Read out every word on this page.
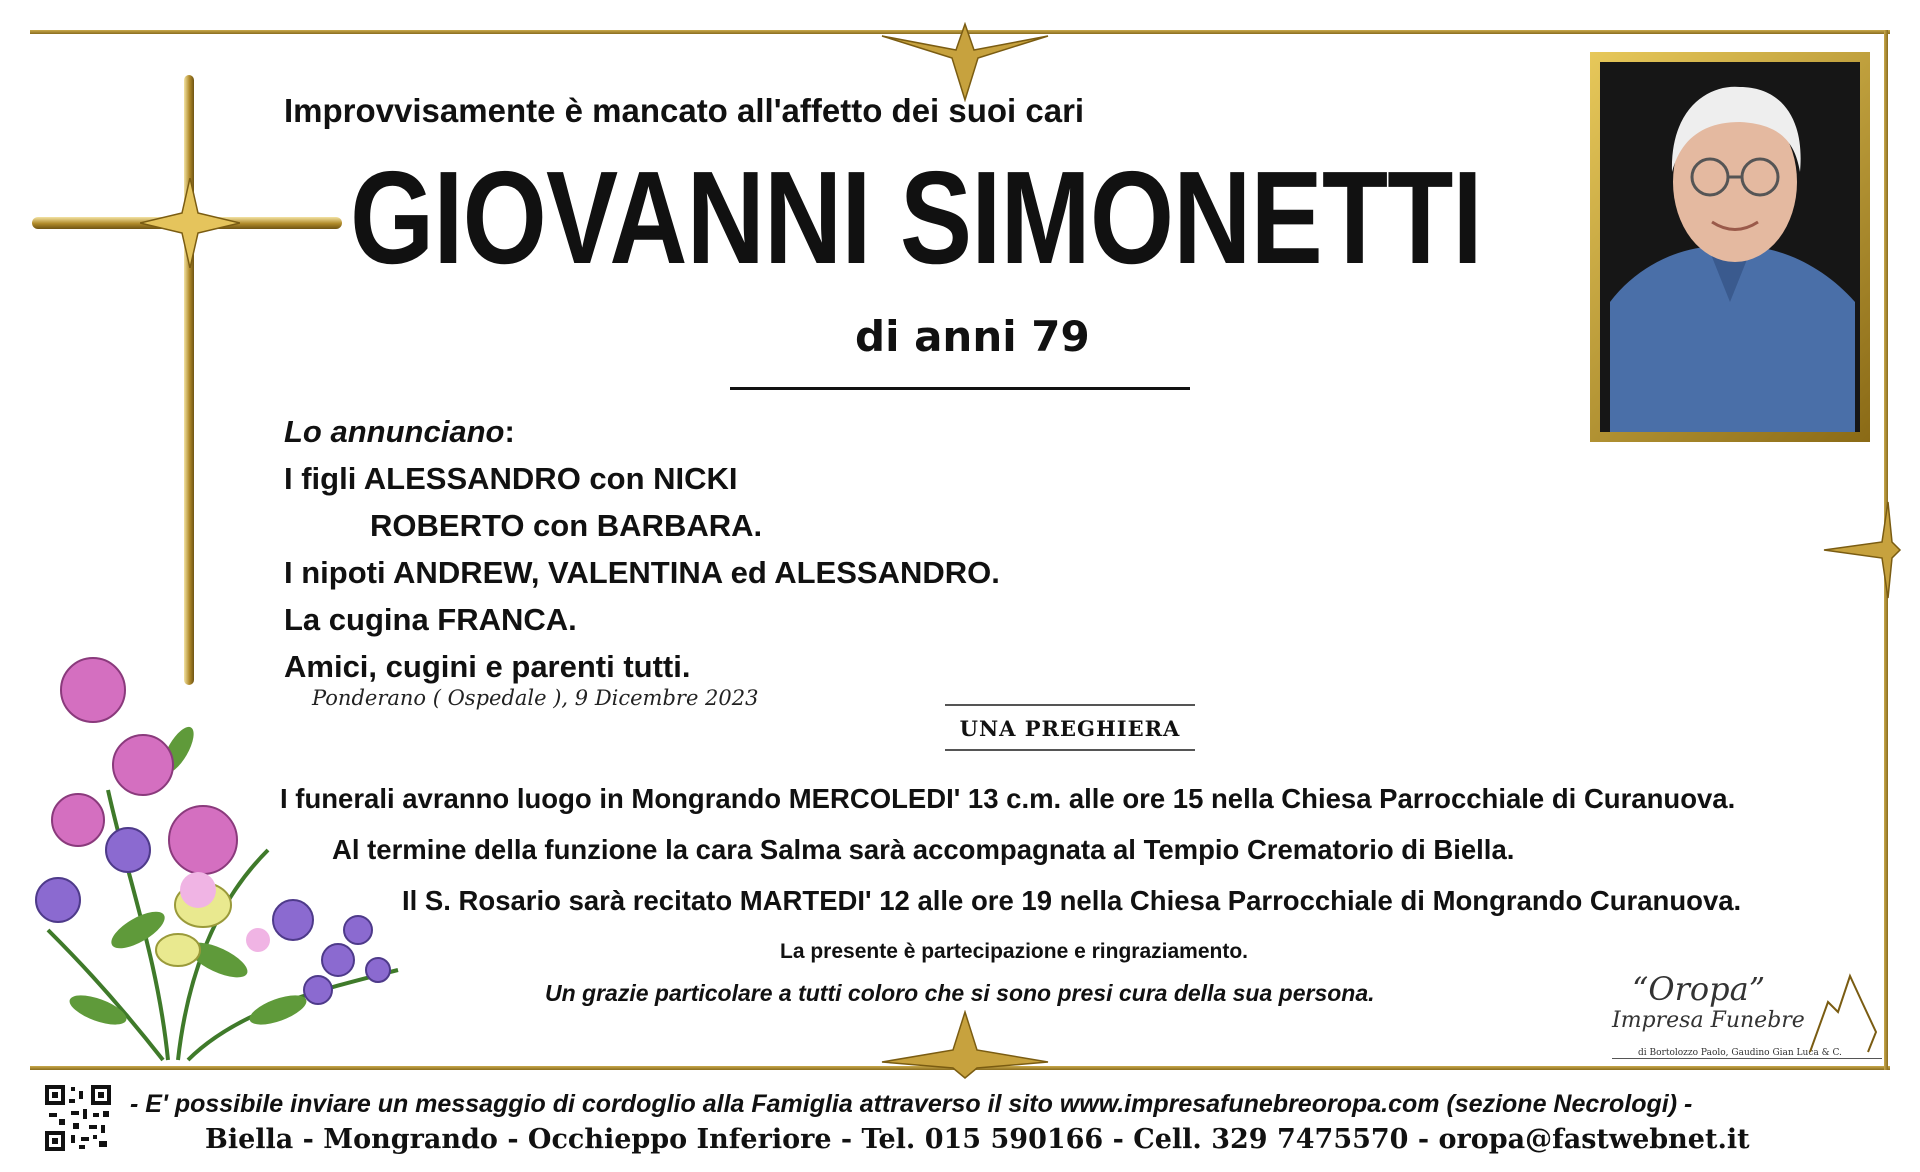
Improvvisamente è mancato all'affetto dei suoi cari
GIOVANNI SIMONETTI
di anni 79
Lo annunciano:
I figli ALESSANDRO con NICKI
ROBERTO con BARBARA.
I nipoti ANDREW, VALENTINA ed ALESSANDRO.
La cugina FRANCA.
Amici, cugini e parenti tutti.
Ponderano ( Ospedale ), 9 Dicembre 2023
UNA PREGHIERA
I funerali avranno luogo in Mongrando MERCOLEDI' 13 c.m. alle ore 15 nella Chiesa Parrocchiale di Curanuova.
Al termine della funzione la cara Salma sarà accompagnata al Tempio Crematorio di Biella.
Il S. Rosario sarà recitato MARTEDI' 12 alle ore 19 nella Chiesa Parrocchiale di Mongrando Curanuova.
La presente è partecipazione e ringraziamento.
Un grazie particolare a tutti coloro che si sono presi cura della sua persona.	“Oropa”
Impresa Funebre
di Bortolozzo Paolo, Gaudino Gian Luca & C.
- E' possibile inviare un messaggio di cordoglio alla Famiglia attraverso il sito www.impresafunebreoropa.com (sezione Necrologi) -
Biella - Mongrando - Occhieppo Inferiore - Tel. 015 590166 - Cell. 329 7475570 - oropa@fastwebnet.it
